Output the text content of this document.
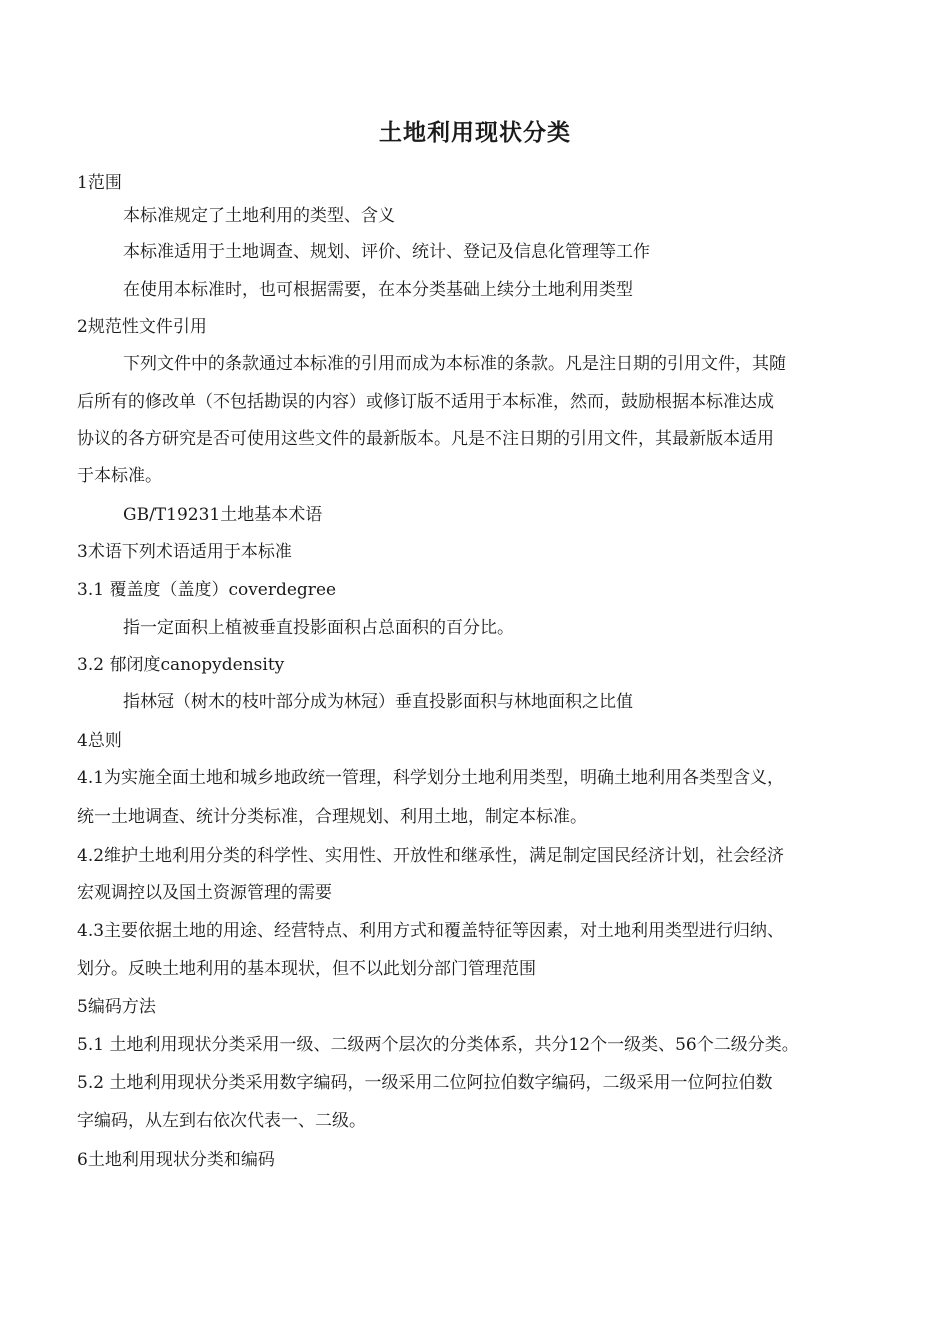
土地利用现状分类
1范围
本标准规定了土地利用的类型、含义
本标准适用于土地调查、规划、评价、统计、登记及信息化管理等工作
在使用本标准时，也可根据需要，在本分类基础上续分土地利用类型
2规范性文件引用
下列文件中的条款通过本标准的引用而成为本标准的条款。凡是注日期的引用文件，其随
后所有的修改单（不包括勘误的内容）或修订版不适用于本标准，然而，鼓励根据本标准达成
协议的各方研究是否可使用这些文件的最新版本。凡是不注日期的引用文件，其最新版本适用
于本标准。
GB/T19231土地基本术语
3术语下列术语适用于本标准
3.1 覆盖度（盖度）coverdegree
指一定面积上植被垂直投影面积占总面积的百分比。
3.2 郁闭度canopydensity
指林冠（树木的枝叶部分成为林冠）垂直投影面积与林地面积之比值
4总则
4.1为实施全面土地和城乡地政统一管理，科学划分土地利用类型，明确土地利用各类型含义，
统一土地调查、统计分类标准，合理规划、利用土地，制定本标准。
4.2维护土地利用分类的科学性、实用性、开放性和继承性，满足制定国民经济计划，社会经济
宏观调控以及国土资源管理的需要
4.3主要依据土地的用途、经营特点、利用方式和覆盖特征等因素，对土地利用类型进行归纳、
划分。反映土地利用的基本现状，但不以此划分部门管理范围
5编码方法
5.1 土地利用现状分类采用一级、二级两个层次的分类体系，共分12个一级类、56个二级分类。
5.2 土地利用现状分类采用数字编码，一级采用二位阿拉伯数字编码，二级采用一位阿拉伯数
字编码，从左到右依次代表一、二级。
6土地利用现状分类和编码
